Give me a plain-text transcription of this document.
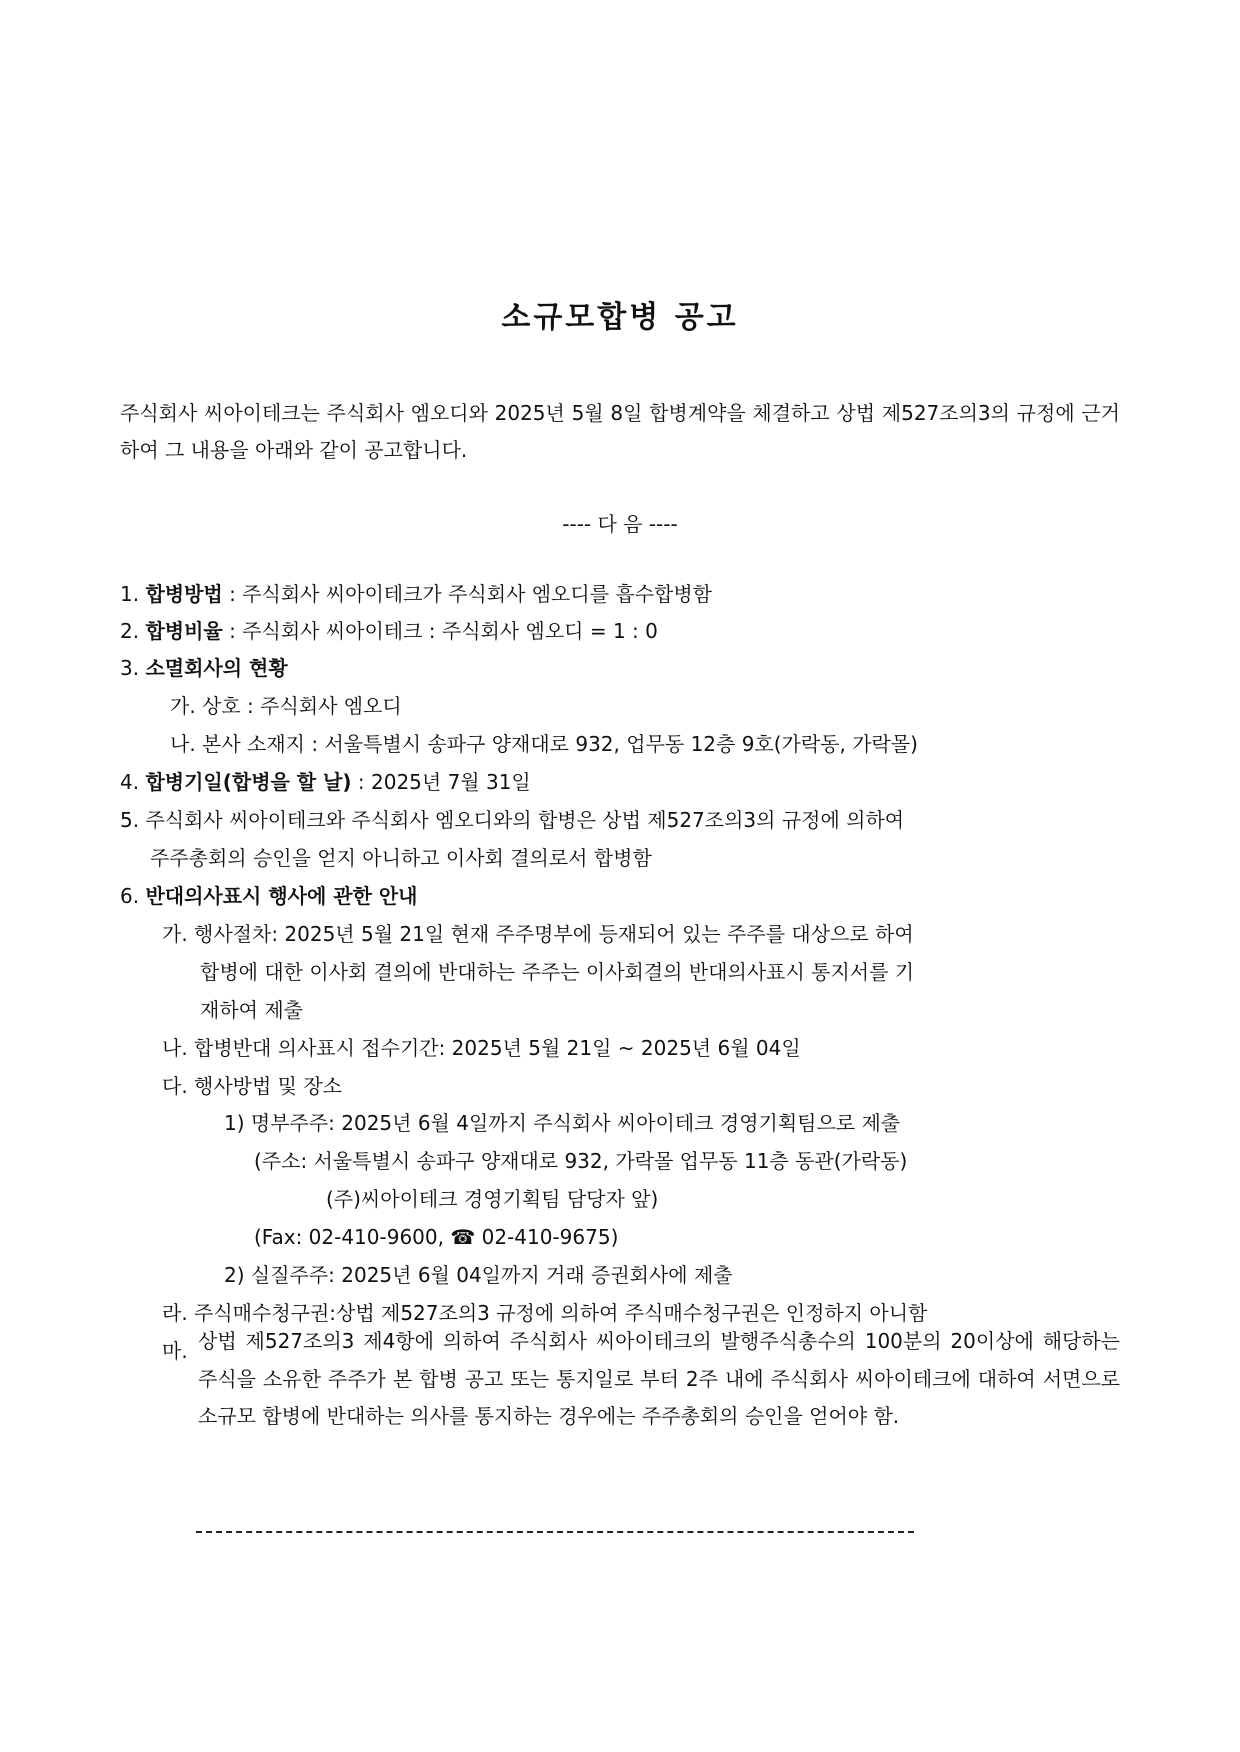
소규모합병 공고
주식회사 씨아이테크는 주식회사 엠오디와 2025년 5월 8일 합병계약을 체결하고 상법 제527조의3의 규정에 근거하여 그 내용을 아래와 같이 공고합니다.
---- 다 음 ----
1. 합병방법 : 주식회사 씨아이테크가 주식회사 엠오디를 흡수합병함
2. 합병비율 : 주식회사 씨아이테크 : 주식회사 엠오디 = 1 : 0
3. 소멸회사의 현황
가. 상호 : 주식회사 엠오디
나. 본사 소재지 : 서울특별시 송파구 양재대로 932, 업무동 12층 9호(가락동, 가락몰)
4. 합병기일(합병을 할 날) : 2025년 7월 31일
5. 주식회사 씨아이테크와 주식회사 엠오디와의 합병은 상법 제527조의3의 규정에 의하여
주주총회의 승인을 얻지 아니하고 이사회 결의로서 합병함
6. 반대의사표시 행사에 관한 안내
가. 행사절차: 2025년 5월 21일 현재 주주명부에 등재되어 있는 주주를 대상으로 하여
합병에 대한 이사회 결의에 반대하는 주주는 이사회결의 반대의사표시 통지서를 기
재하여 제출
나. 합병반대 의사표시 접수기간: 2025년 5월 21일 ~ 2025년 6월 04일
다. 행사방법 및 장소
1) 명부주주: 2025년 6월 4일까지 주식회사 씨아이테크 경영기획팀으로 제출
(주소: 서울특별시 송파구 양재대로 932, 가락몰 업무동 11층 동관(가락동)
(주)씨아이테크 경영기획팀 담당자 앞)
(Fax: 02-410-9600, ☎ 02-410-9675)
2) 실질주주: 2025년 6월 04일까지 거래 증권회사에 제출
라. 주식매수청구권:상법 제527조의3 규정에 의하여 주식매수청구권은 인정하지 아니함
마. 상법 제527조의3 제4항에 의하여 주식회사 씨아이테크의 발행주식총수의 100분의 20이상에 해당하는 주식을 소유한 주주가 본 합병 공고 또는 통지일로 부터 2주 내에 주식회사 씨아이테크에 대하여 서면으로 소규모 합병에 반대하는 의사를 통지하는 경우에는 주주총회의 승인을 얻어야 함.
